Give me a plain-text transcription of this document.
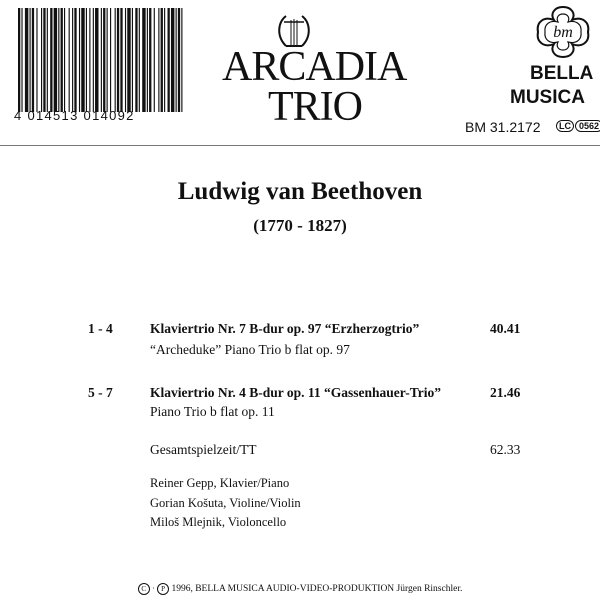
4 014513 014092
ARCADIA
TRIO
bm
BELLA
MUSICA
BM 31.2172	LC 0562
Ludwig van Beethoven
(1770 - 1827)
1 - 4	Klaviertrio Nr. 7 B-dur op. 97 “Erzherzogtrio”	40.41
“Archeduke” Piano Trio b flat op. 97
5 - 7	Klaviertrio Nr. 4 B-dur op. 11 “Gassenhauer-Trio”	21.46
Piano Trio b flat op. 11
Gesamtspielzeit/TT	62.33
Reiner Gepp, Klavier/Piano
Gorian Košuta, Violine/Violin
Miloš Mlejnik, Violoncello
C · P 1996, BELLA MUSICA AUDIO-VIDEO-PRODUKTION Jürgen Rinschler.
